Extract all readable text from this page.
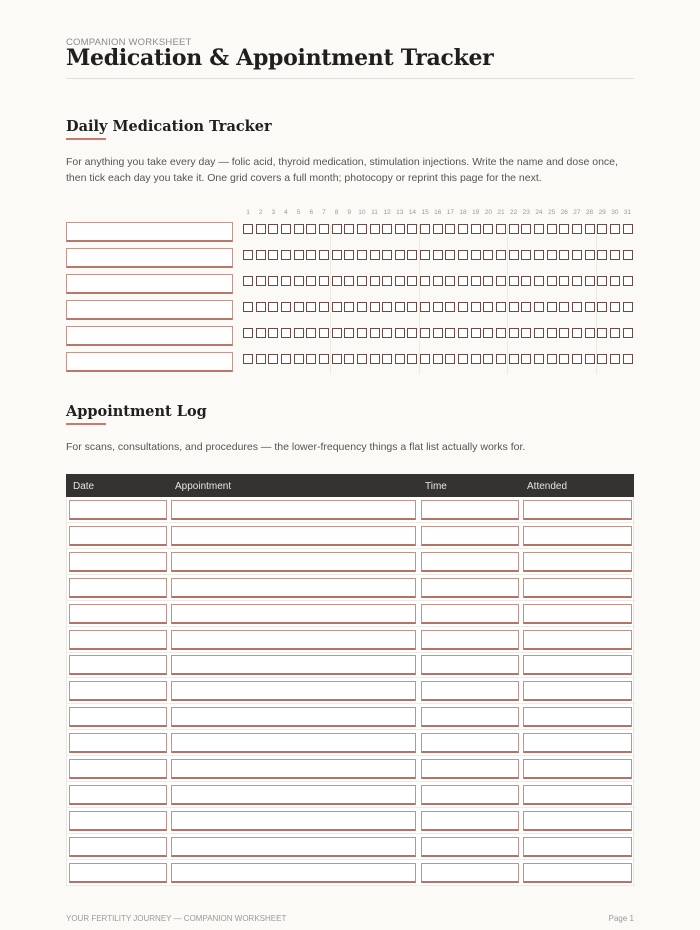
COMPANION WORKSHEET
Medication & Appointment Tracker
Daily Medication Tracker
For anything you take every day — folic acid, thyroid medication, stimulation injections. Write the name and dose once, then tick each day you take it. One grid covers a full month; photocopy or reprint this page for the next.
1	2	3	4	5	6	7	8	9	10 11 12 13 14 15 16 17 18 19 20 21 22 23 24 25 26 27 28 29 30 31
Appointment Log
For scans, consultations, and procedures — the lower-frequency things a flat list actually works for.
Date	Appointment	Time	Attended
YOUR FERTILITY JOURNEY — COMPANION WORKSHEET	Page 1
